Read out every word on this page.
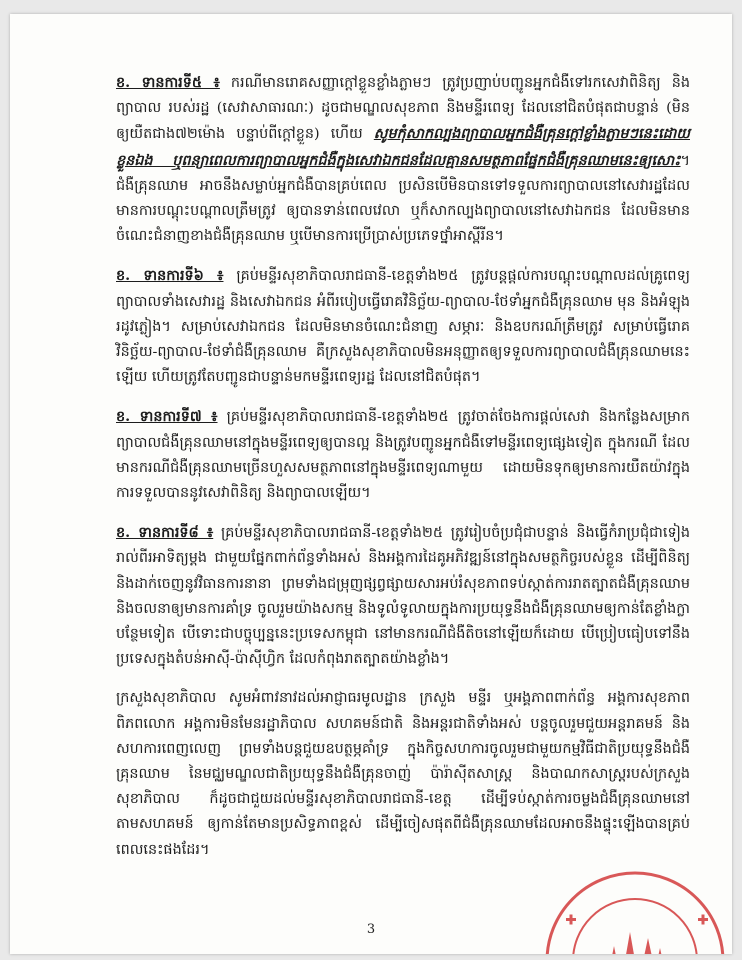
ខ. ទានការទី៥ ៖ ករណីមានរោគសញ្ញាក្ដៅខ្លួនខ្លាំងភ្លាមៗ ត្រូវប្រញាប់បញ្ជូនអ្នកជំងឺទៅរកសេវាពិនិត្យ និងព្យាបាល របស់រដ្ឋ (សេវាសាធារណៈ) ដូចជាមណ្ឌលសុខភាព និងមន្ទីរពេទ្យ ដែលនៅជិតបំផុតជាបន្ទាន់ (មិនឲ្យយឺតជាង៧២ម៉ោង បន្ទាប់ពីក្ដៅខ្លួន) ហើយ សូមកុំសាកល្បងព្យាបាលអ្នកជំងឺគ្រុនក្ដៅខ្លាំងភ្លាមៗនេះដោយខ្លួនឯង ឬពន្យាពេលការព្យាបាលអ្នកជំងឺក្នុងសេវាឯកជនដែលគ្មានសមត្ថភាពផ្នែកជំងឺគ្រុនឈាមនេះឲ្យសោះ។ ជំងឺគ្រុនឈាម អាចនឹងសម្លាប់អ្នកជំងឺបានគ្រប់ពេល ប្រសិនបើមិនបានទៅទទួលការព្យាបាលនៅសេវារដ្ឋដែលមានការបណ្តុះបណ្តាលត្រឹមត្រូវ ឲ្យបានទាន់ពេលវេលា ឬក៏សាកល្បងព្យាបាលនៅសេវាឯកជន ដែលមិនមានចំណេះជំនាញខាងជំងឺគ្រុនឈាម ឬបើមានការប្រើប្រាស់ប្រភេទថ្នាំអាស្ពីរីន។

ខ. ទានការទី៦ ៖ គ្រប់មន្ទីរសុខាភិបាលរាជធានី-ខេត្តទាំង២៥ ត្រូវបន្តផ្តល់ការបណ្តុះបណ្តាលដល់គ្រូពេទ្យព្យាបាលទាំងសេវារដ្ឋ និងសេវាឯកជន អំពីរបៀបធ្វើរោគវិនិច្ឆ័យ-ព្យាបាល-ថែទាំអ្នកជំងឺគ្រុនឈាម មុន និងអំឡុងរដូវភ្លៀង។ សម្រាប់សេវាឯកជន ដែលមិនមានចំណេះជំនាញ សម្ភារៈ និងឧបករណ៍ត្រឹមត្រូវ សម្រាប់ធ្វើរោគវិនិច្ឆ័យ-ព្យាបាល-ថែទាំជំងឺគ្រុនឈាម គឺក្រសួងសុខាភិបាលមិនអនុញ្ញាតឲ្យទទួលការព្យាបាលជំងឺគ្រុនឈាមនេះឡើយ ហើយត្រូវតែបញ្ជូនជាបន្ទាន់មកមន្ទីរពេទ្យរដ្ឋ ដែលនៅជិតបំផុត។

ខ. ទានការទី៧ ៖ គ្រប់មន្ទីរសុខាភិបាលរាជធានី-ខេត្តទាំង២៥ ត្រូវចាត់ចែងការផ្ដល់សេវា និងកន្លែងសម្រាកព្យាបាលជំងឺគ្រុនឈាមនៅក្នុងមន្ទីរពេទ្យឲ្យបានល្អ និងត្រូវបញ្ជូនអ្នកជំងឺទៅមន្ទីរពេទ្យផ្សេងទៀត ក្នុងករណី ដែលមានករណីជំងឺគ្រុនឈាមច្រើនហួសសមត្ថភាពនៅក្នុងមន្ទីរពេទ្យណាមួយ ដោយមិនទុកឲ្យមានការយឺតយ៉ាវក្នុងការទទួលបាននូវសេវាពិនិត្យ និងព្យាបាលឡើយ។

ខ. ទានការទី៨ ៖ គ្រប់មន្ទីរសុខាភិបាលរាជធានី-ខេត្តទាំង២៥ ត្រូវរៀបចំប្រជុំជាបន្ទាន់ និងធ្វើកំរាប្រជុំជាទៀងរាល់ពីរអាទិត្យម្តង ជាមួយផ្នែកពាក់ព័ន្ធទាំងអស់ និងអង្គការដៃគូអភិវឌ្ឍន៍នៅក្នុងសមត្ថកិច្ចរបស់ខ្លួន ដើម្បីពិនិត្យ និងដាក់ចេញនូវវិធានការនានា ព្រមទាំងជម្រុញផ្សព្វផ្សាយសារអប់រំសុខភាពទប់ស្កាត់ការរាតត្បាតជំងឺគ្រុនឈាម និងចលនាឲ្យមានការគាំទ្រ ចូលរួមយ៉ាងសកម្ម និងទូលំទូលាយក្នុងការប្រយុទ្ធនឹងជំងឺគ្រុនឈាមឲ្យកាន់តែខ្លាំងក្លាបន្ថែមទៀត បើទោះជាបច្ចុប្បន្ននេះប្រទេសកម្ពុជា នៅមានករណីជំងឺតិចនៅឡើយក៏ដោយ បើប្រៀបធៀបទៅនឹងប្រទេសក្នុងតំបន់អាស៊ី-ប៉ាស៊ីហ្វិក ដែលកំពុងរាតត្បាតយ៉ាងខ្លាំង។

ក្រសួងសុខាភិបាល សូមអំពាវនាវដល់អាជ្ញាធរមូលដ្ឋាន ក្រសួង មន្ទីរ ឬអង្គភាពពាក់ព័ន្ធ អង្គការសុខភាពពិភពលោក អង្គការមិនមែនរដ្ឋាភិបាល សហគមន៍ជាតិ និងអន្តរជាតិទាំងអស់ បន្តចូលរួមជួយអន្តរាគមន៍ និងសហការពេញលេញ ព្រមទាំងបន្តជួយឧបត្ថម្ភគាំទ្រ ក្នុងកិច្ចសហការចូលរួមជាមួយកម្មវិធីជាតិប្រយុទ្ធនឹងជំងឺគ្រុនឈាម នៃមជ្ឈមណ្ឌលជាតិប្រយុទ្ធនឹងជំងឺគ្រុនចាញ់ ប៉ារ៉ាស៊ីតសាស្ត្រ និងបាណកសាស្ត្ររបស់ក្រសួងសុខាភិបាល ក៏ដូចជាជួយដល់មន្ទីរសុខាភិបាលរាជធានី-ខេត្ត ដើម្បីទប់ស្កាត់ការចម្លងជំងឺគ្រុនឈាមនៅតាមសហគមន៍ ឲ្យកាន់តែមានប្រសិទ្ធភាពខ្ពស់ ដើម្បីចៀសផុតពីជំងឺគ្រុនឈាមដែលអាចនឹងផ្ទុះឡើងបានគ្រប់ពេលនេះផងដែរ។

3
